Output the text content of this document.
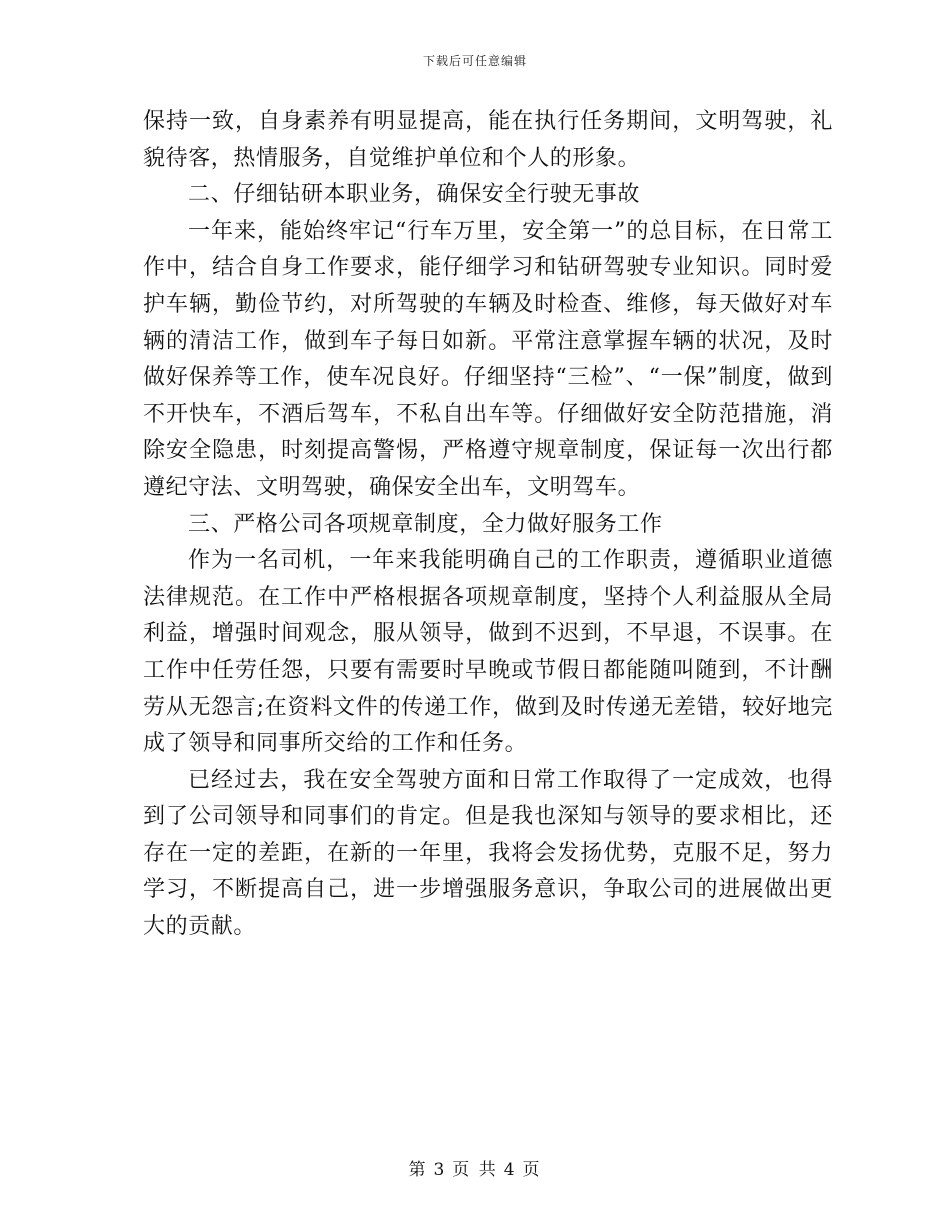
下载后可任意编辑

保持一致，自身素养有明显提高，能在执行任务期间，文明驾驶，礼貌待客，热情服务，自觉维护单位和个人的形象。

二、仔细钻研本职业务，确保安全行驶无事故

一年来，能始终牢记“行车万里，安全第一”的总目标，在日常工作中，结合自身工作要求，能仔细学习和钻研驾驶专业知识。同时爱护车辆，勤俭节约，对所驾驶的车辆及时检查、维修，每天做好对车辆的清洁工作，做到车子每日如新。平常注意掌握车辆的状况，及时做好保养等工作，使车况良好。仔细坚持“三检”、“一保”制度，做到不开快车，不酒后驾车，不私自出车等。仔细做好安全防范措施，消除安全隐患，时刻提高警惕，严格遵守规章制度，保证每一次出行都遵纪守法、文明驾驶，确保安全出车，文明驾车。

三、严格公司各项规章制度，全力做好服务工作

作为一名司机，一年来我能明确自己的工作职责，遵循职业道德法律规范。在工作中严格根据各项规章制度，坚持个人利益服从全局利益，增强时间观念，服从领导，做到不迟到，不早退，不误事。在工作中任劳任怨，只要有需要时早晚或节假日都能随叫随到，不计酬劳从无怨言;在资料文件的传递工作，做到及时传递无差错，较好地完成了领导和同事所交给的工作和任务。

已经过去，我在安全驾驶方面和日常工作取得了一定成效，也得到了公司领导和同事们的肯定。但是我也深知与领导的要求相比，还存在一定的差距，在新的一年里，我将会发扬优势，克服不足，努力学习，不断提高自己，进一步增强服务意识，争取公司的进展做出更大的贡献。

第 3 页 共 4 页
